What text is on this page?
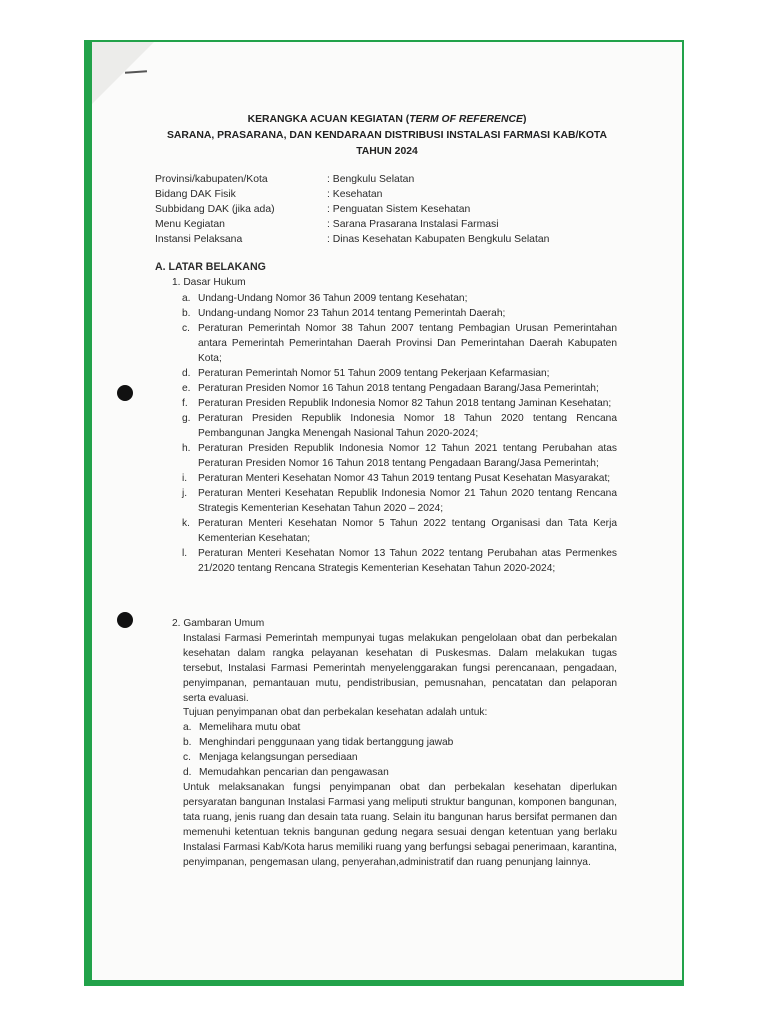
KERANGKA ACUAN KEGIATAN (TERM OF REFERENCE)
SARANA, PRASARANA, DAN KENDARAAN DISTRIBUSI INSTALASI FARMASI KAB/KOTA
TAHUN 2024
Provinsi/kabupaten/Kota	: Bengkulu Selatan
Bidang DAK Fisik	: Kesehatan
Subbidang DAK (jika ada)	: Penguatan Sistem Kesehatan
Menu Kegiatan	: Sarana Prasarana Instalasi Farmasi
Instansi Pelaksana	: Dinas Kesehatan Kabupaten Bengkulu Selatan
A. LATAR BELAKANG
1. Dasar Hukum
a. Undang-Undang Nomor 36 Tahun 2009 tentang Kesehatan;
b. Undang-undang Nomor 23 Tahun 2014 tentang Pemerintah Daerah;
c. Peraturan Pemerintah Nomor 38 Tahun 2007 tentang Pembagian Urusan Pemerintahan antara Pemerintah Pemerintahan Daerah Provinsi Dan Pemerintahan Daerah Kabupaten Kota;
d. Peraturan Pemerintah Nomor 51 Tahun 2009 tentang Pekerjaan Kefarmasian;
e. Peraturan Presiden Nomor 16 Tahun 2018 tentang Pengadaan Barang/Jasa Pemerintah;
f.	Peraturan Presiden Republik Indonesia Nomor 82 Tahun 2018 tentang Jaminan Kesehatan;
g. Peraturan Presiden Republik Indonesia Nomor 18 Tahun 2020 tentang Rencana Pembangunan Jangka Menengah Nasional Tahun 2020-2024;
h. Peraturan Presiden Republik Indonesia Nomor 12 Tahun 2021 tentang Perubahan atas Peraturan Presiden Nomor 16 Tahun 2018 tentang Pengadaan Barang/Jasa Pemerintah;
i.	Peraturan Menteri Kesehatan Nomor 43 Tahun 2019 tentang Pusat Kesehatan Masyarakat;
j.	Peraturan Menteri Kesehatan Republik Indonesia Nomor 21 Tahun 2020 tentang Rencana Strategis Kementerian Kesehatan Tahun 2020 – 2024;
k. Peraturan Menteri Kesehatan Nomor 5 Tahun 2022 tentang Organisasi dan Tata Kerja Kementerian Kesehatan;
l.	Peraturan Menteri Kesehatan Nomor 13 Tahun 2022 tentang Perubahan atas Permenkes 21/2020 tentang Rencana Strategis Kementerian Kesehatan Tahun 2020-2024;
2. Gambaran Umum
Instalasi Farmasi Pemerintah mempunyai tugas melakukan pengelolaan obat dan perbekalan kesehatan dalam rangka pelayanan kesehatan di Puskesmas. Dalam melakukan tugas tersebut, Instalasi Farmasi Pemerintah menyelenggarakan fungsi perencanaan, pengadaan, penyimpanan, pemantauan mutu, pendistribusian, pemusnahan, pencatatan dan pelaporan serta evaluasi.
Tujuan penyimpanan obat dan perbekalan kesehatan adalah untuk:
a. Memelihara mutu obat
b. Menghindari penggunaan yang tidak bertanggung jawab
c. Menjaga kelangsungan persediaan
d. Memudahkan pencarian dan pengawasan
Untuk melaksanakan fungsi penyimpanan obat dan perbekalan kesehatan diperlukan persyaratan bangunan Instalasi Farmasi yang meliputi struktur bangunan, komponen bangunan, tata ruang, jenis ruang dan desain tata ruang. Selain itu bangunan harus bersifat permanen dan memenuhi ketentuan teknis bangunan gedung negara sesuai dengan ketentuan yang berlaku Instalasi Farmasi Kab/Kota harus memiliki ruang yang berfungsi sebagai penerimaan, karantina, penyimpanan, pengemasan ulang, penyerahan,administratif dan ruang penunjang lainnya.
